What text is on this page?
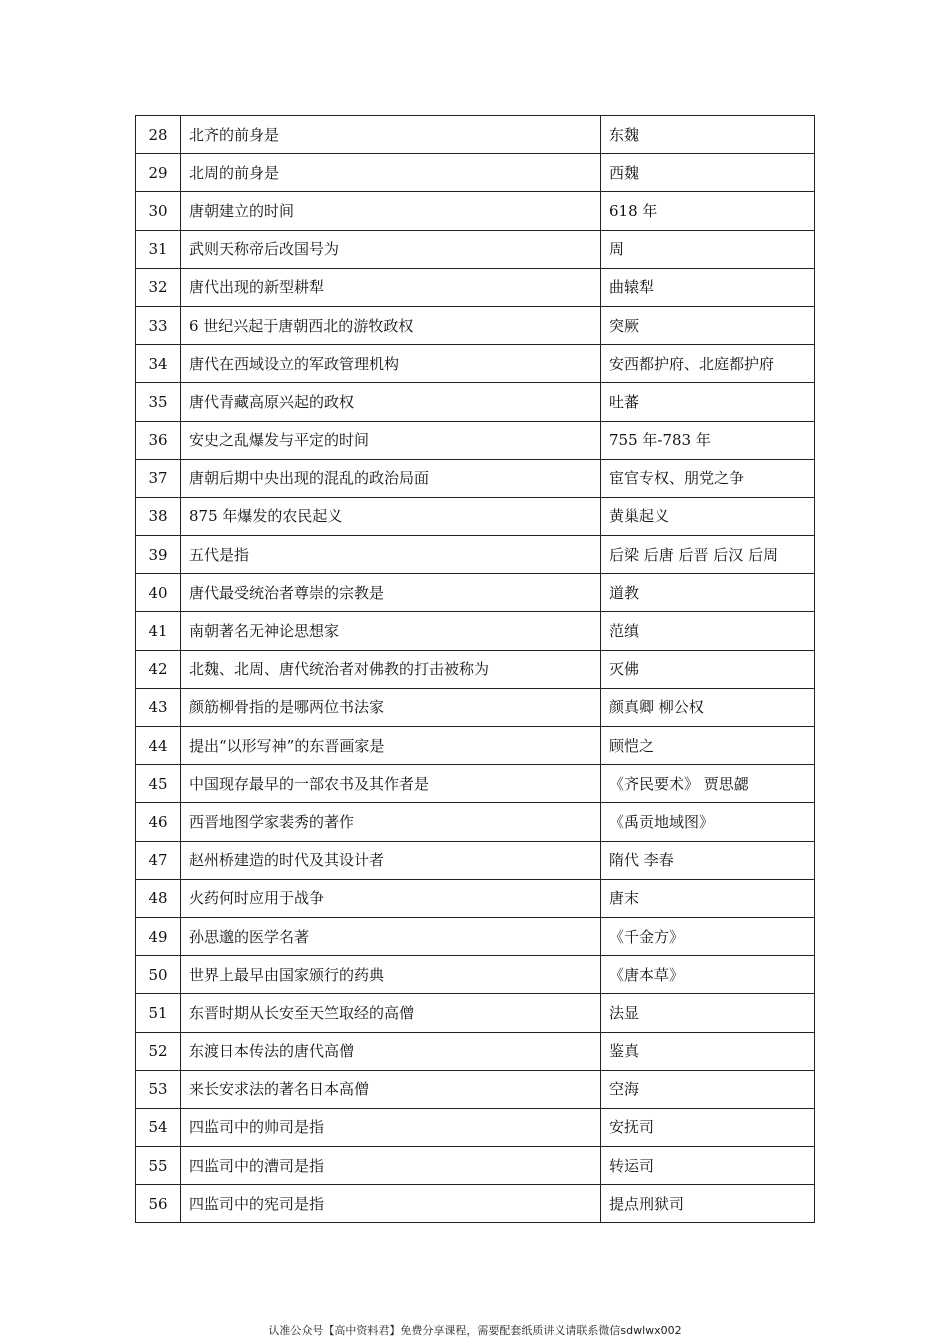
28	北齐的前身是	东魏
29	北周的前身是	西魏
30	唐朝建立的时间	618 年
31	武则天称帝后改国号为	周
32	唐代出现的新型耕犁	曲辕犁
33	6 世纪兴起于唐朝西北的游牧政权	突厥
34	唐代在西域设立的军政管理机构	安西都护府、北庭都护府
35	唐代青藏高原兴起的政权	吐蕃
36	安史之乱爆发与平定的时间	755 年-783 年
37	唐朝后期中央出现的混乱的政治局面	宦官专权、朋党之争
38	875 年爆发的农民起义	黄巢起义
39	五代是指	后梁 后唐 后晋 后汉 后周
40	唐代最受统治者尊崇的宗教是	道教
41	南朝著名无神论思想家	范缜
42	北魏、北周、唐代统治者对佛教的打击被称为	灭佛
43	颜筋柳骨指的是哪两位书法家	颜真卿 柳公权
44	提出“以形写神”的东晋画家是	顾恺之
45	中国现存最早的一部农书及其作者是	《齐民要术》 贾思勰
46	西晋地图学家裴秀的著作	《禹贡地域图》
47	赵州桥建造的时代及其设计者	隋代 李春
48	火药何时应用于战争	唐末
49	孙思邈的医学名著	《千金方》
50	世界上最早由国家颁行的药典	《唐本草》
51	东晋时期从长安至天竺取经的高僧	法显
52	东渡日本传法的唐代高僧	鉴真
53	来长安求法的著名日本高僧	空海
54	四监司中的帅司是指	安抚司
55	四监司中的漕司是指	转运司
56	四监司中的宪司是指	提点刑狱司
认准公众号【高中资料君】免费分享课程，需要配套纸质讲义请联系微信sdwlwx002
